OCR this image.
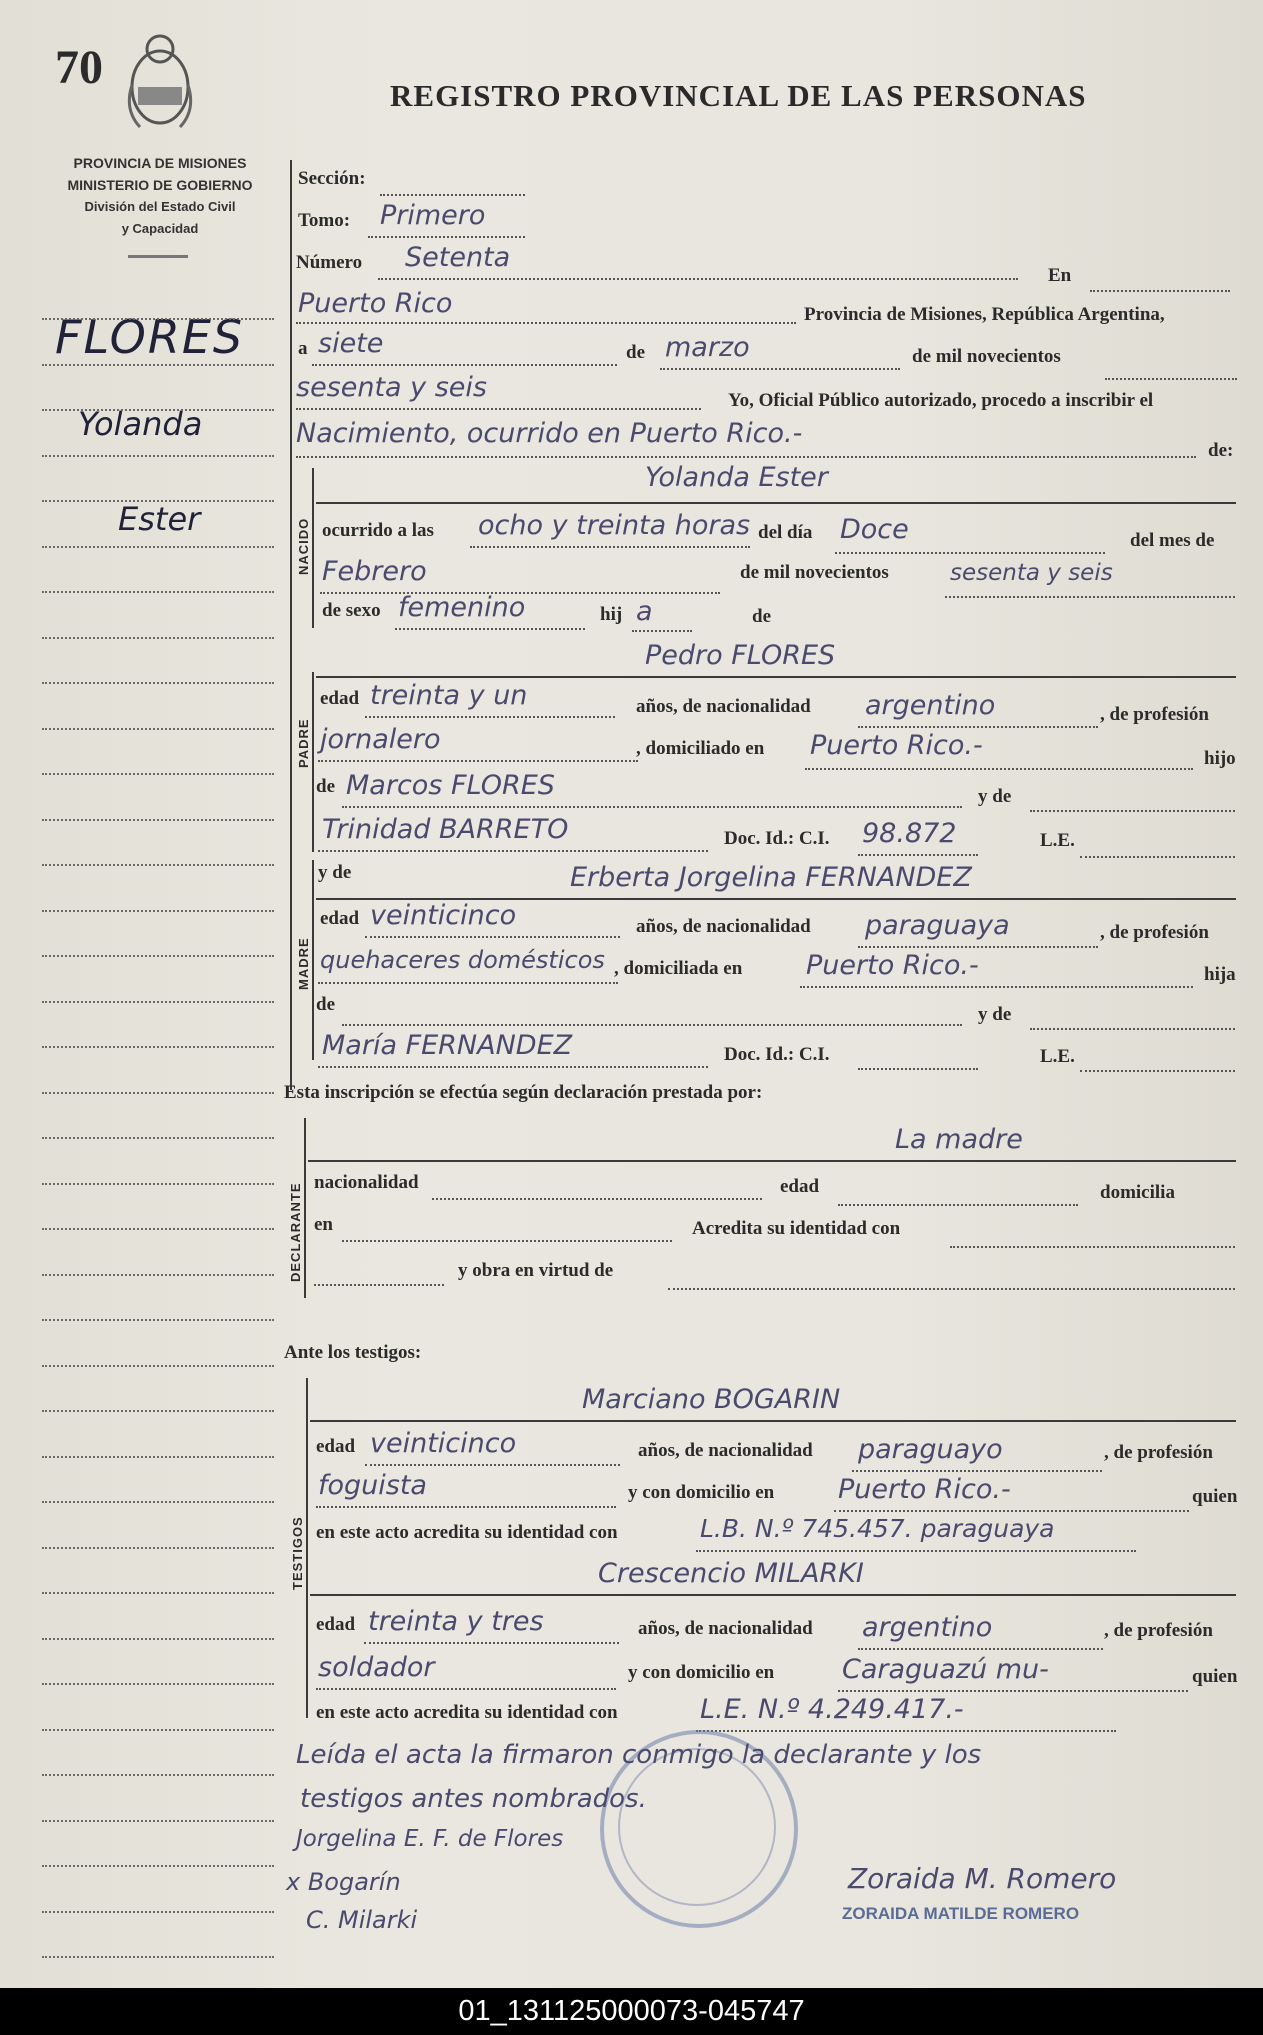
70
REGISTRO PROVINCIAL DE LAS PERSONAS
PROVINCIA DE MISIONES
MINISTERIO DE GOBIERNO
División del Estado Civil
y Capacidad
FLORES
Yolanda
Ester
Sección:
Tomo: Primero
Número Setenta
En
Puerto Rico	Provincia de Misiones, República Argentina,
a siete	de marzo	de mil novecientos
sesenta y seis	Yo, Oficial Público autorizado, procedo a inscribir el
Nacimiento, ocurrido en Puerto Rico.-
de:
NACIDO
Yolanda Ester
ocurrido a las ocho y treinta horas del día Doce	del mes de
Febrero	de mil novecientos	sesenta y seis
de sexo femenino	hij a	de
PADRE
Pedro FLORES
edad treinta y un	años, de nacionalidad argentino	, de profesión
jornalero	, domiciliado en Puerto Rico.-	hijo
de Marcos FLORES	y de
Trinidad BARRETO	Doc. Id.: C.I. 98.872	L.E.
MADRE
y de	Erberta Jorgelina FERNANDEZ
edad veinticinco	años, de nacionalidad paraguaya	, de profesión
quehaceres domésticos , domiciliada en Puerto Rico.-	hija
de	y de
María FERNANDEZ	Doc. Id.: C.I.	L.E.
Esta inscripción se efectúa según declaración prestada por:
DECLARANTE
La madre
nacionalidad	edad	domicilia
en	Acredita su identidad con
y obra en virtud de
Ante los testigos:
TESTIGOS
Marciano BOGARIN
edad veinticinco	años, de nacionalidad paraguayo	, de profesión
foguista	y con domicilio en Puerto Rico.-	quien
en este acto acredita su identidad con	L.B. N.º 745.457. paraguaya
Crescencio MILARKI
edad treinta y tres	años, de nacionalidad argentino	, de profesión
soldador	y con domicilio en	Caraguazú mu-	quien
en este acto acredita su identidad con	L.E. N.º 4.249.417.-
Leída el acta la firmaron conmigo la declarante y los
testigos antes nombrados.
Jorgelina E. F. de Flores
x Bogarín
C. Milarki
Zoraida M. Romero
ZORAIDA MATILDE ROMERO
01_131125000073-045747
